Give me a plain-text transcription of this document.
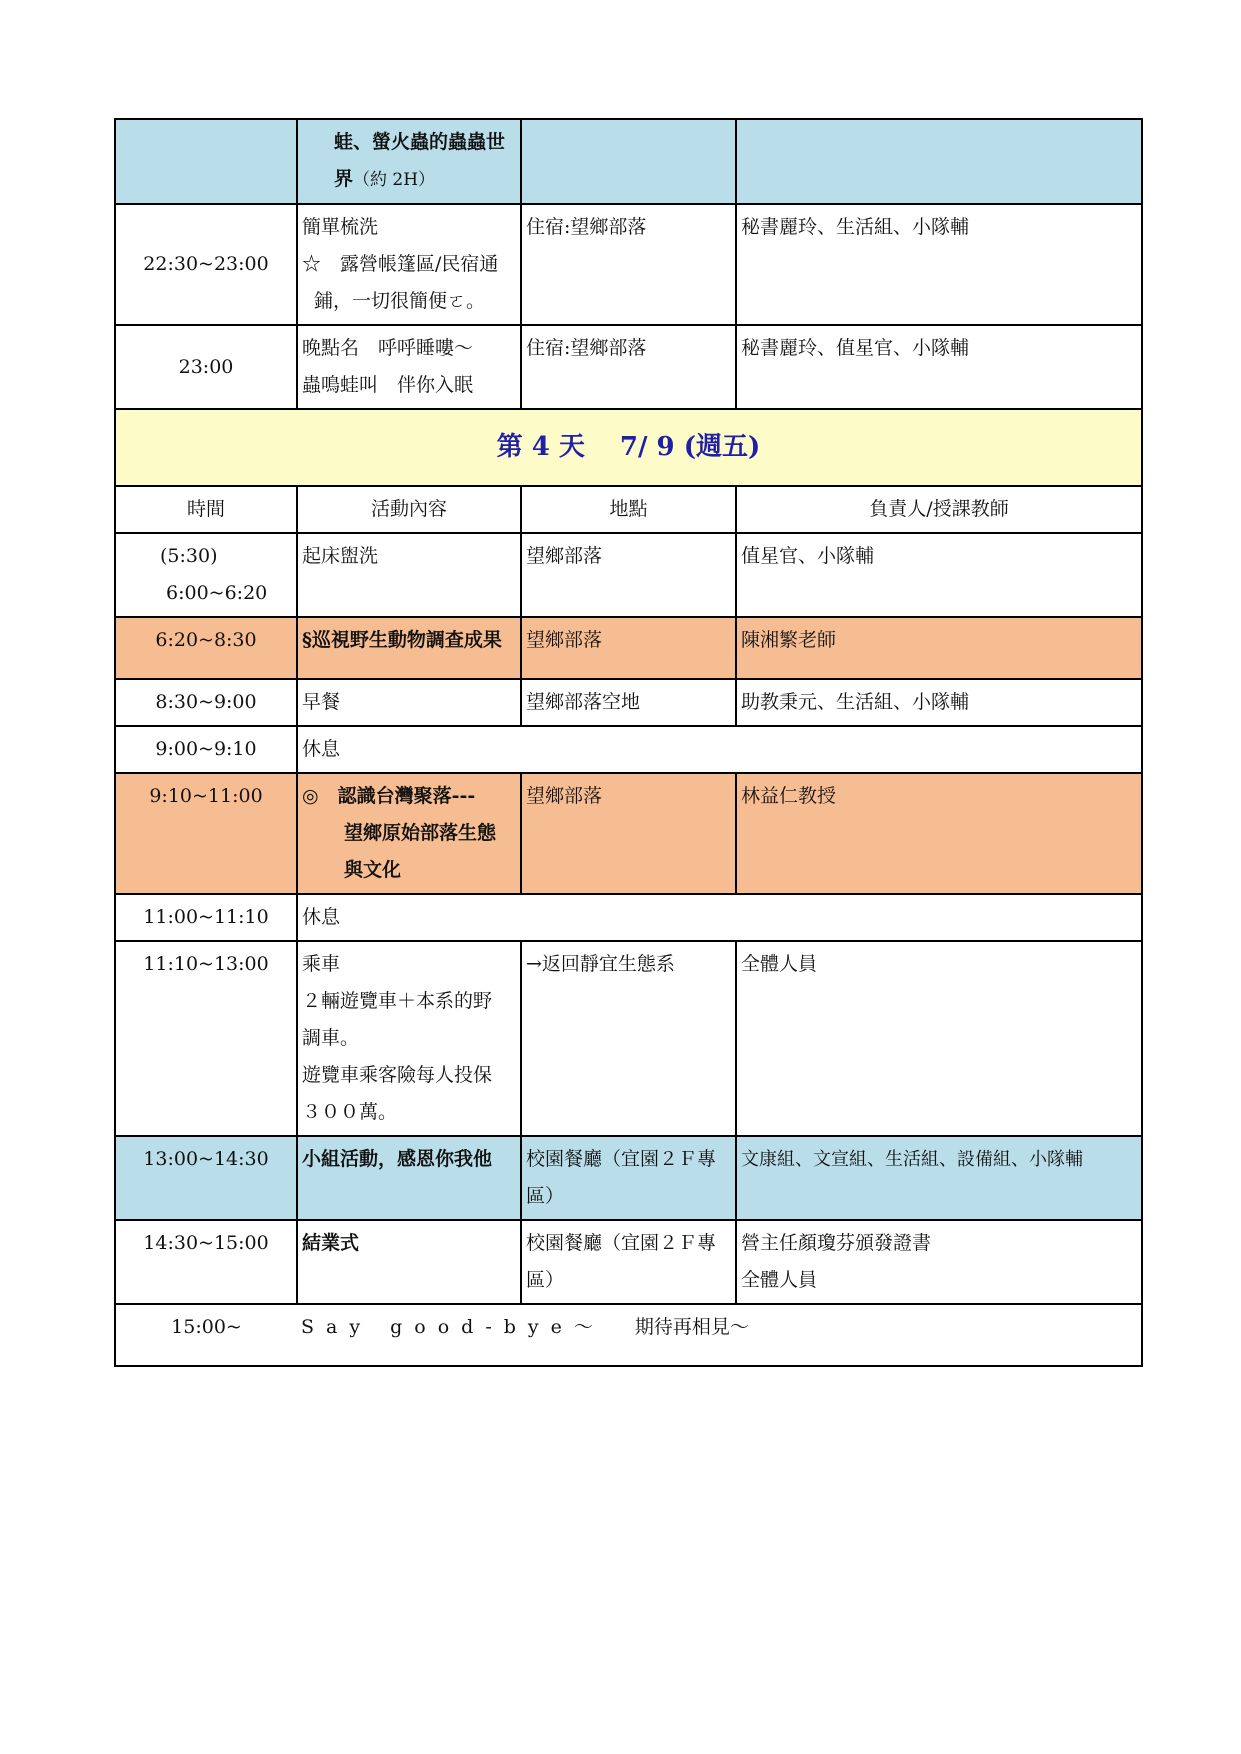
	蛙、螢火蟲的蟲蟲世
界（約 2H）		

22:30~23:00	簡單梳洗
☆　露營帳篷區/民宿通
鋪，一切很簡便ㄛ。	住宿:望鄉部落	秘書麗玲、生活組、小隊輔
23:00	晚點名　呼呼睡嘍～
蟲鳴蛙叫　伴你入眠	住宿:望鄉部落	秘書麗玲、值星官、小隊輔
第 4 天　 7/ 9 (週五)			
時間	活動內容	地點	負責人/授課教師

(5:30)
6:00~6:20	起床盥洗	望鄉部落	值星官、小隊輔
6:20~8:30	§巡視野生動物調查成果	望鄉部落	陳湘繁老師
8:30~9:00	早餐	望鄉部落空地	助教秉元、生活組、小隊輔
9:00~9:10	休息		
9:10~11:00	◎　認識台灣聚落---
望鄉原始部落生態
與文化	望鄉部落	林益仁教授
11:00~11:10	休息		
11:10~13:00	乘車
２輛遊覽車＋本系的野
調車。
遊覽車乘客險每人投保
３００萬。	→返回靜宜生態系	全體人員
13:00~14:30	小組活動，感恩你我他	校園餐廳（宜園２Ｆ專區）	文康組、文宣組、生活組、設備組、小隊輔
14:30~15:00	結業式	校園餐廳（宜園２Ｆ專區）	營主任顏瓊芬頒發證書
全體人員

15:00~	Say good-bye～ 期待再相見～		
